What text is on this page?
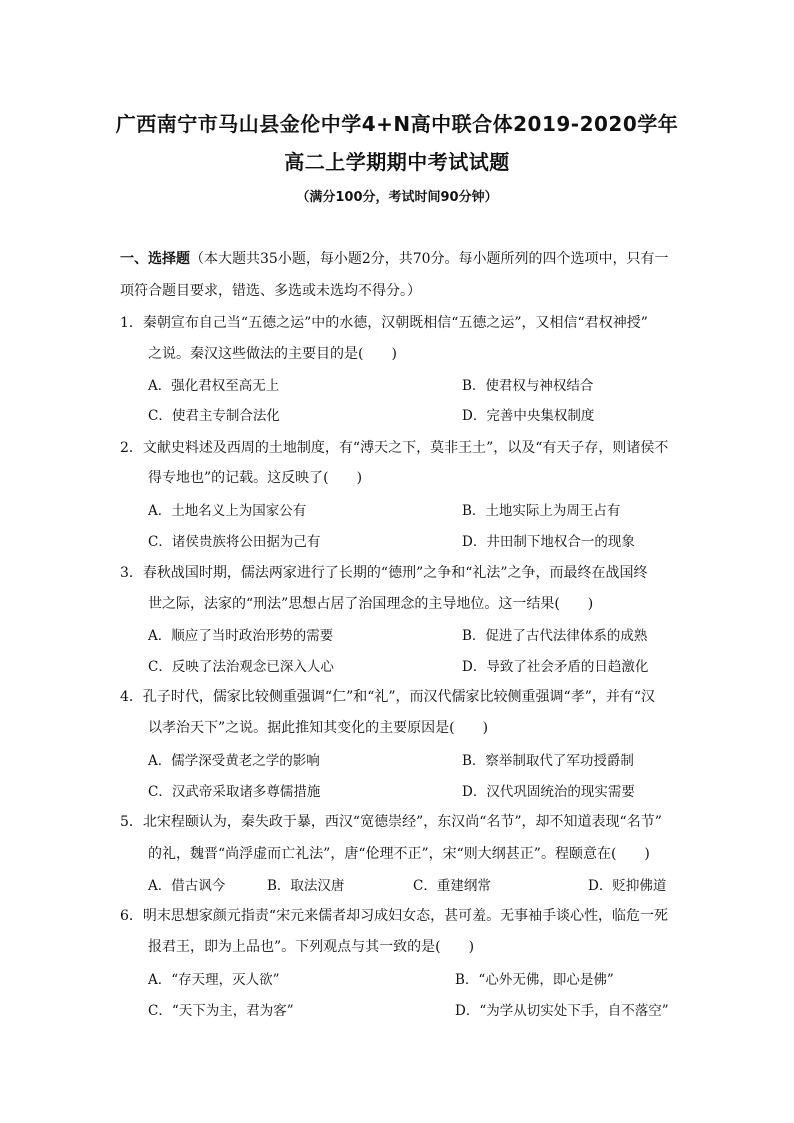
广西南宁市马山县金伦中学4+N高中联合体2019-2020学年
高二上学期期中考试试题
（满分100分，考试时间90分钟）
一、选择题（本大题共35小题，每小题2分，共70分。每小题所列的四个选项中，只有一
项符合题目要求，错选、多选或未选均不得分。）
1．秦朝宣布自己当“五德之运”中的水德，汉朝既相信“五德之运”，又相信“君权神授”
之说。秦汉这些做法的主要目的是(　　)
A．强化君权至高无上	B．使君权与神权结合
C．使君主专制合法化	D．完善中央集权制度
2．文献史料述及西周的土地制度，有“溥天之下，莫非王土”，以及“有天子存，则诸侯不
得专地也”的记载。这反映了(　　)
A．土地名义上为国家公有	B．土地实际上为周王占有
C．诸侯贵族将公田据为己有	D．井田制下地权合一的现象
3．春秋战国时期，儒法两家进行了长期的“德刑”之争和“礼法”之争，而最终在战国终
世之际，法家的“刑法”思想占居了治国理念的主导地位。这一结果(　　)
A．顺应了当时政治形势的需要	B．促进了古代法律体系的成熟
C．反映了法治观念已深入人心	D．导致了社会矛盾的日趋激化
4．孔子时代，儒家比较侧重强调“仁”和“礼”，而汉代儒家比较侧重强调“孝”，并有“汉
以孝治天下”之说。据此推知其变化的主要原因是(　　)
A．儒学深受黄老之学的影响	B．察举制取代了军功授爵制
C．汉武帝采取诸多尊儒措施	D．汉代巩固统治的现实需要
5．北宋程颐认为，秦失政于暴，西汉“宽德崇经”，东汉尚“名节”，却不知道表现“名节”
的礼，魏晋“尚浮虚而亡礼法”，唐“伦理不正”，宋“则大纲甚正”。程颐意在(　　)
A．借古讽今	B．取法汉唐	C．重建纲常	D．贬抑佛道
6．明末思想家颜元指责“宋元来儒者却习成妇女态，甚可羞。无事袖手谈心性，临危一死
报君王，即为上品也”。下列观点与其一致的是(　　)
A．“存天理，灭人欲”	B．“心外无佛，即心是佛”
C．“天下为主，君为客”	D．“为学从切实处下手，自不落空”
